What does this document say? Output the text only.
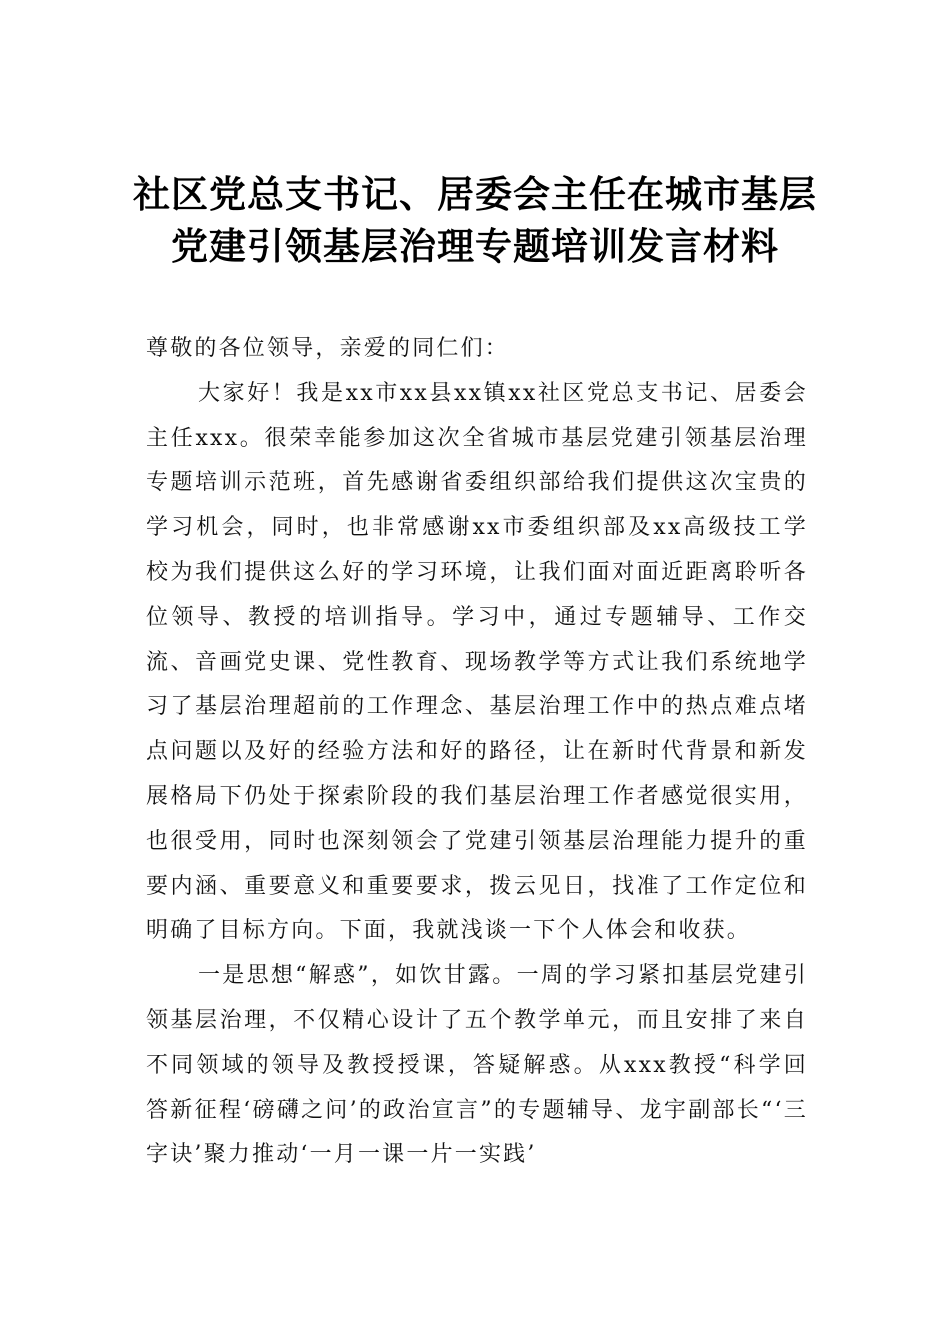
社区党总支书记、居委会主任在城市基层
党建引领基层治理专题培训发言材料

尊敬的各位领导，亲爱的同仁们：

大家好！我是xx市xx县xx镇xx社区党总支书记、居委会主任xxx。很荣幸能参加这次全省城市基层党建引领基层治理专题培训示范班，首先感谢省委组织部给我们提供这次宝贵的学习机会，同时，也非常感谢xx市委组织部及xx高级技工学校为我们提供这么好的学习环境，让我们面对面近距离聆听各位领导、教授的培训指导。学习中，通过专题辅导、工作交流、音画党史课、党性教育、现场教学等方式让我们系统地学习了基层治理超前的工作理念、基层治理工作中的热点难点堵点问题以及好的经验方法和好的路径，让在新时代背景和新发展格局下仍处于探索阶段的我们基层治理工作者感觉很实用，也很受用，同时也深刻领会了党建引领基层治理能力提升的重要内涵、重要意义和重要要求，拨云见日，找准了工作定位和明确了目标方向。下面，我就浅谈一下个人体会和收获。

一是思想“解惑”，如饮甘露。一周的学习紧扣基层党建引领基层治理，不仅精心设计了五个教学单元，而且安排了来自不同领域的领导及教授授课，答疑解惑。从xxx教授“科学回答新征程‘磅礴之问’的政治宣言”的专题辅导、龙宇副部长“‘三字诀’聚力推动‘一月一课一片一实践’
